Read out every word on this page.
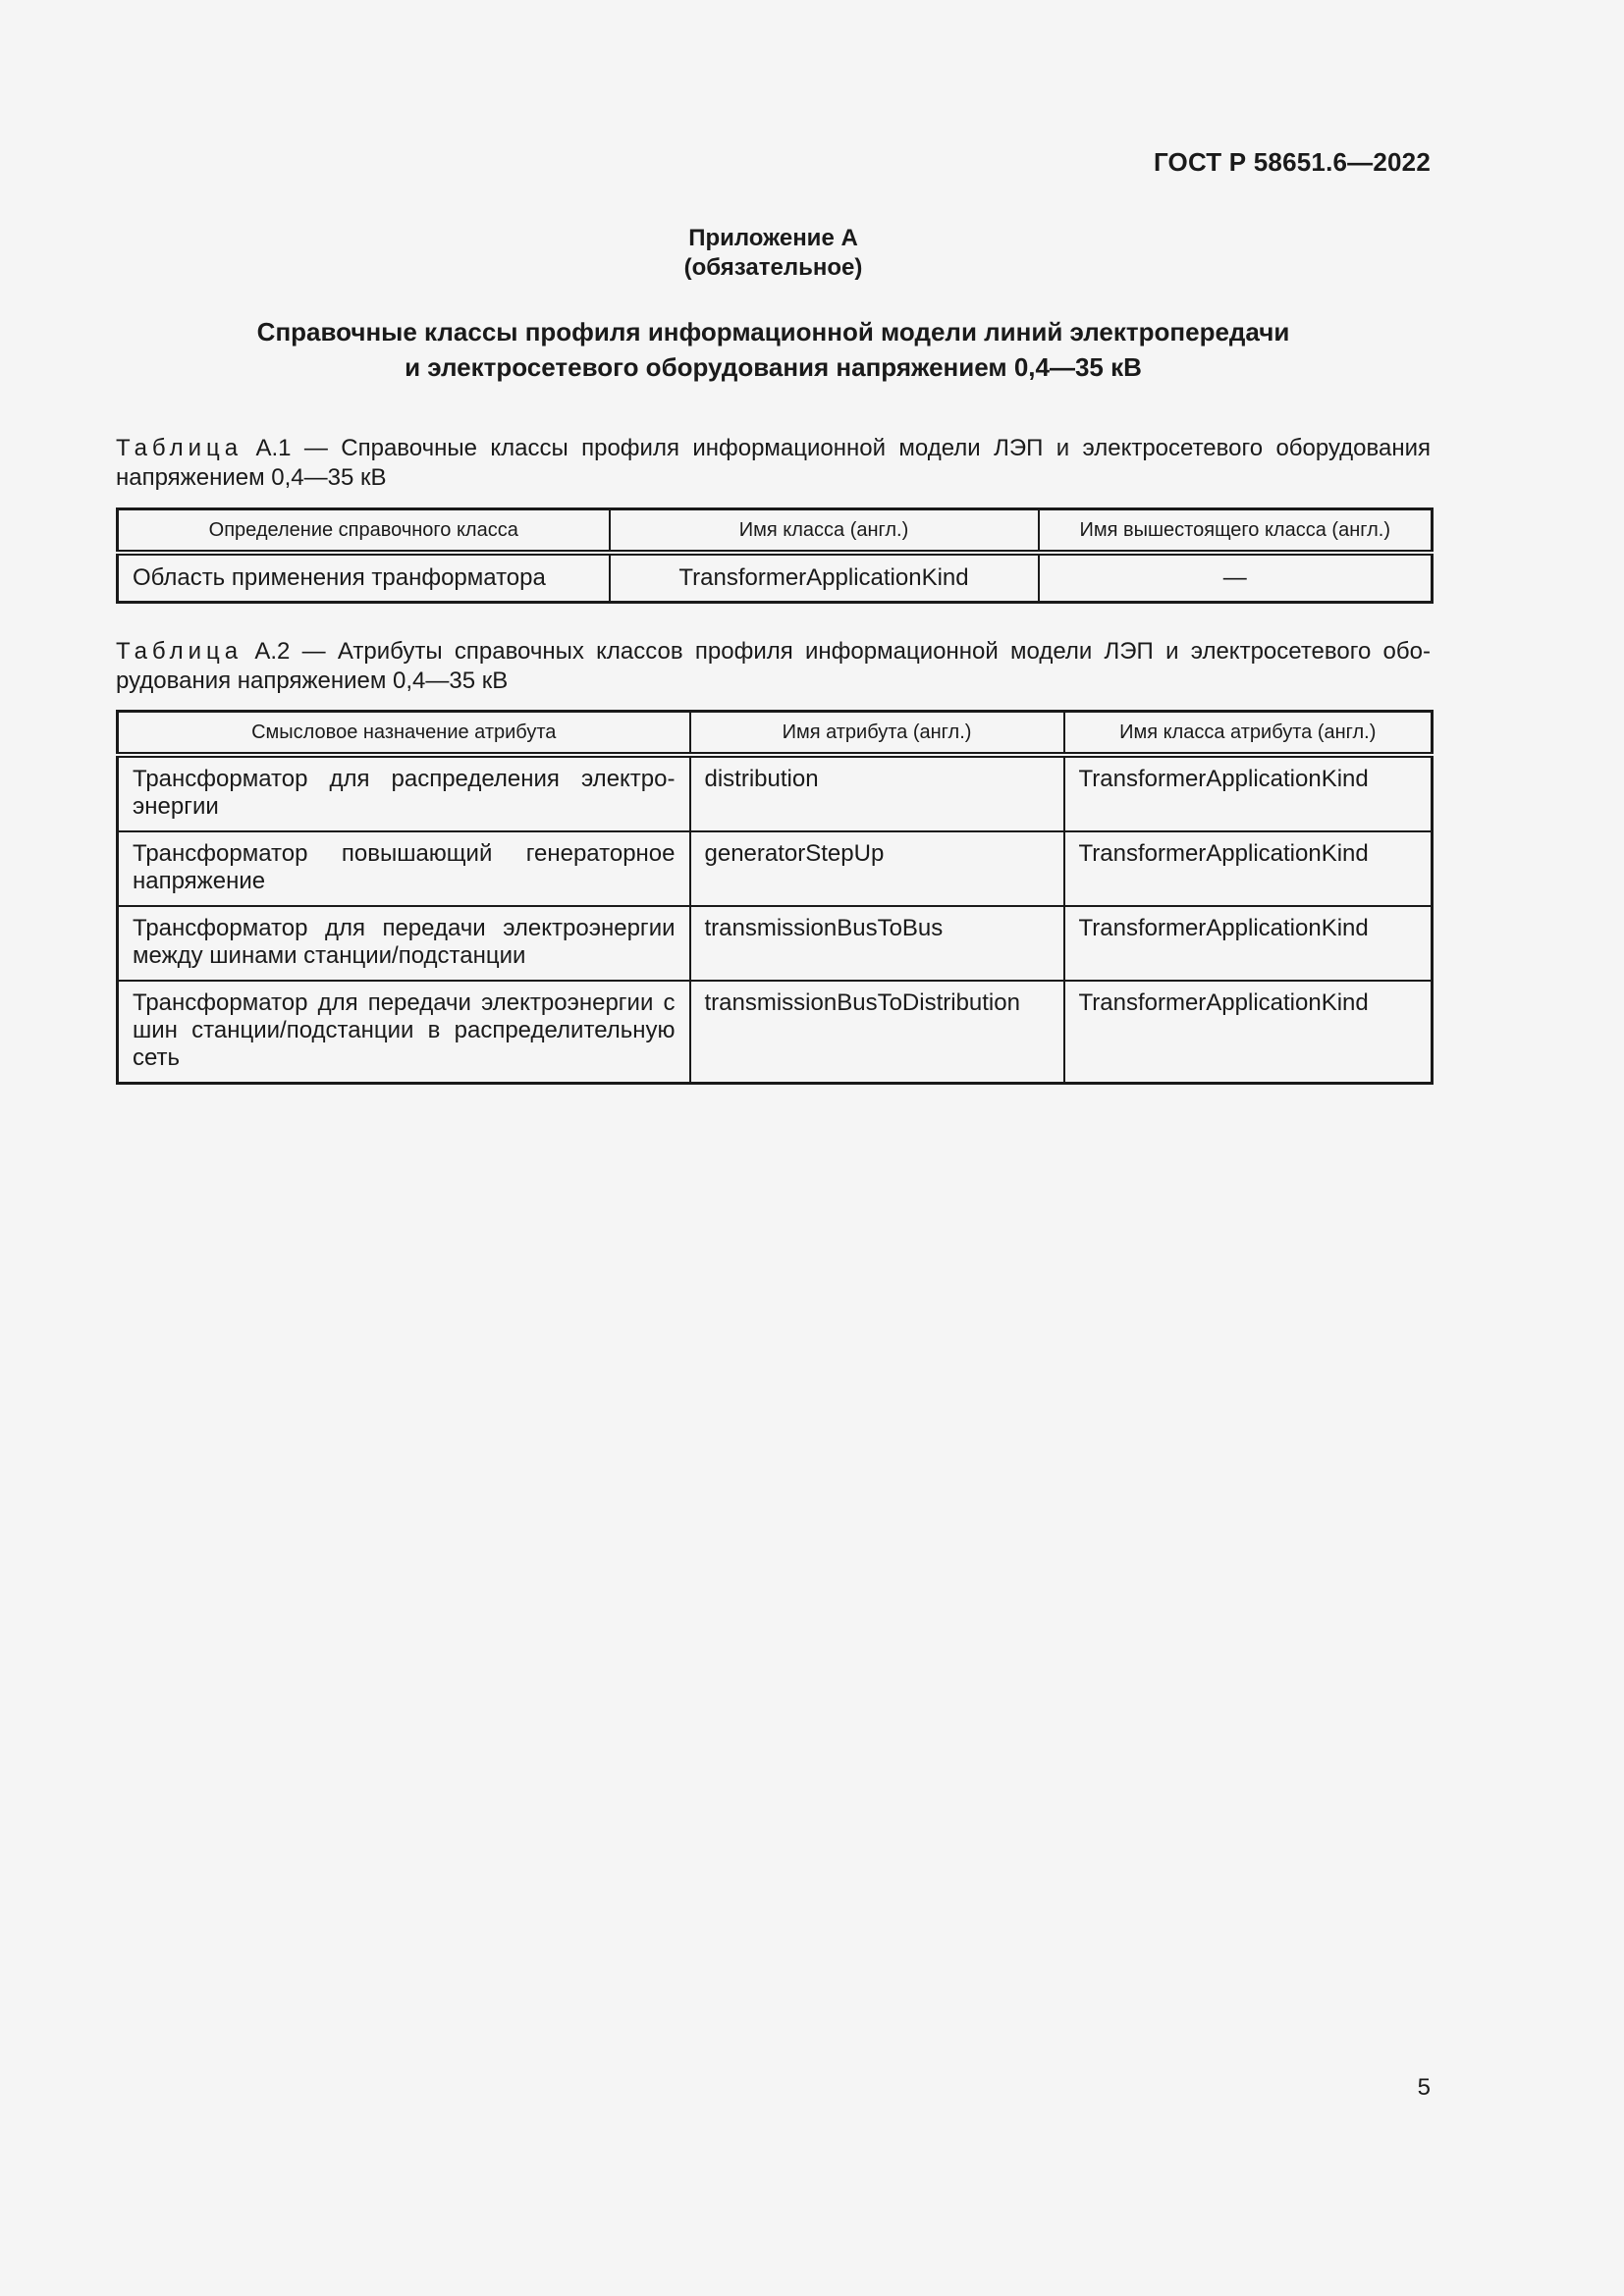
ГОСТ Р 58651.6—2022
Приложение А
(обязательное)
Справочные классы профиля информационной модели линий электропередачи
и электросетевого оборудования напряжением 0,4—35 кВ
Таблица А.1 — Справочные классы профиля информационной модели ЛЭП и электросетевого оборудования напряжением 0,4—35 кВ
Определение справочного класса	Имя класса (англ.)	Имя вышестоящего класса (англ.)
Область применения транформатора	TransformerApplicationKind	—
Таблица А.2 — Атрибуты справочных классов профиля информационной модели ЛЭП и электросетевого оборудования напряжением 0,4—35 кВ
Смысловое назначение атрибута	Имя атрибута (англ.)	Имя класса атрибута (англ.)
Трансформатор для распределения электроэнергии	distribution	TransformerApplicationKind
Трансформатор повышающий генераторное напряжение	generatorStepUp	TransformerApplicationKind
Трансформатор для передачи электроэнергии между шинами станции/подстанции	transmissionBusToBus	TransformerApplicationKind
Трансформатор для передачи электроэнергии с шин станции/подстанции в распределительную сеть	transmissionBusToDistribution	TransformerApplicationKind
5
